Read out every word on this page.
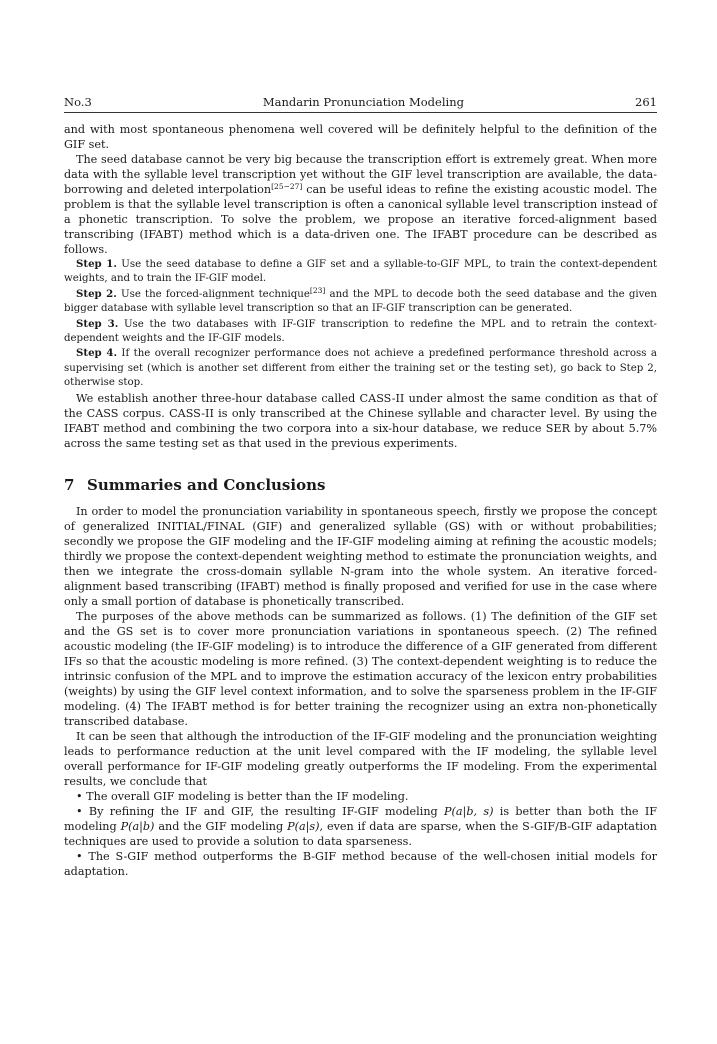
No.3	Mandarin Pronunciation Modeling	261

and with most spontaneous phenomena well covered will be definitely helpful to the definition of the GIF set.

The seed database cannot be very big because the transcription effort is extremely great. When more data with the syllable level transcription yet without the GIF level transcription are available, the data-borrowing and deleted interpolation[25−27] can be useful ideas to refine the existing acoustic model. The problem is that the syllable level transcription is often a canonical syllable level transcription instead of a phonetic transcription. To solve the problem, we propose an iterative forced-alignment based transcribing (IFABT) method which is a data-driven one. The IFABT procedure can be described as follows.

Step 1. Use the seed database to define a GIF set and a syllable-to-GIF MPL, to train the context-dependent weights, and to train the IF-GIF model.

Step 2. Use the forced-alignment technique[23] and the MPL to decode both the seed database and the given bigger database with syllable level transcription so that an IF-GIF transcription can be generated.

Step 3. Use the two databases with IF-GIF transcription to redefine the MPL and to retrain the context-dependent weights and the IF-GIF models.

Step 4. If the overall recognizer performance does not achieve a predefined performance threshold across a supervising set (which is another set different from either the training set or the testing set), go back to Step 2, otherwise stop.

We establish another three-hour database called CASS-II under almost the same condition as that of the CASS corpus. CASS-II is only transcribed at the Chinese syllable and character level. By using the IFABT method and combining the two corpora into a six-hour database, we reduce SER by about 5.7% across the same testing set as that used in the previous experiments.

7 Summaries and Conclusions

In order to model the pronunciation variability in spontaneous speech, firstly we propose the concept of generalized INITIAL/FINAL (GIF) and generalized syllable (GS) with or without probabilities; secondly we propose the GIF modeling and the IF-GIF modeling aiming at refining the acoustic models; thirdly we propose the context-dependent weighting method to estimate the pronunciation weights, and then we integrate the cross-domain syllable N-gram into the whole system. An iterative forced-alignment based transcribing (IFABT) method is finally proposed and verified for use in the case where only a small portion of database is phonetically transcribed.

The purposes of the above methods can be summarized as follows. (1) The definition of the GIF set and the GS set is to cover more pronunciation variations in spontaneous speech. (2) The refined acoustic modeling (the IF-GIF modeling) is to introduce the difference of a GIF generated from different IFs so that the acoustic modeling is more refined. (3) The context-dependent weighting is to reduce the intrinsic confusion of the MPL and to improve the estimation accuracy of the lexicon entry probabilities (weights) by using the GIF level context information, and to solve the sparseness problem in the IF-GIF modeling. (4) The IFABT method is for better training the recognizer using an extra non-phonetically transcribed database.

It can be seen that although the introduction of the IF-GIF modeling and the pronunciation weighting leads to performance reduction at the unit level compared with the IF modeling, the syllable level overall performance for IF-GIF modeling greatly outperforms the IF modeling. From the experimental results, we conclude that

• The overall GIF modeling is better than the IF modeling.

• By refining the IF and GIF, the resulting IF-GIF modeling P(a|b, s) is better than both the IF modeling P(a|b) and the GIF modeling P(a|s), even if data are sparse, when the S-GIF/B-GIF adaptation techniques are used to provide a solution to data sparseness.

• The S-GIF method outperforms the B-GIF method because of the well-chosen initial models for adaptation.
